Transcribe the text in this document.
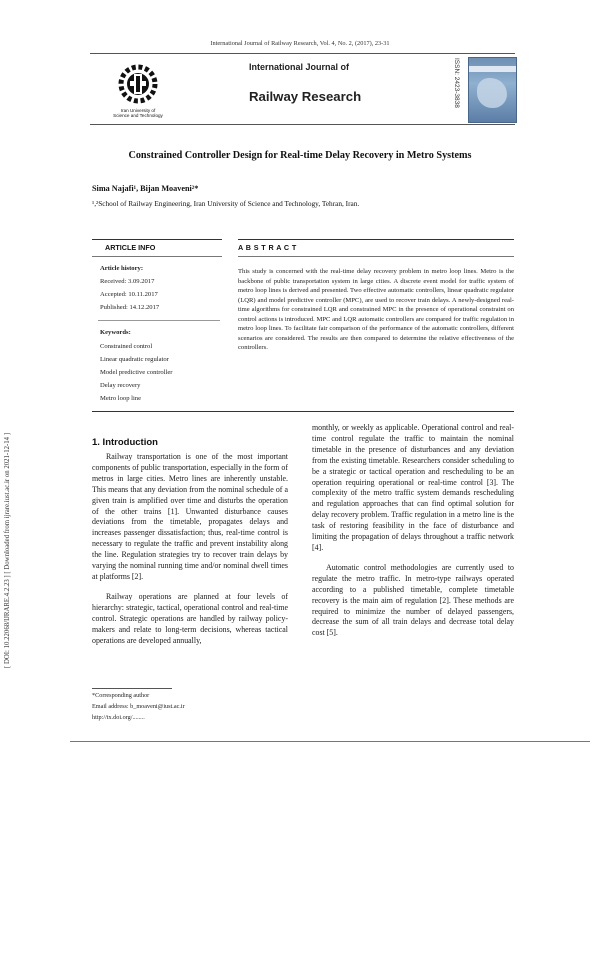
International Journal of Railway Research, Vol. 4, No. 2, (2017), 23-31
Iran University of
Science and Technology
International Journal of
Railway Research	ISSN: 2423-3838
Constrained Controller Design for Real-time Delay Recovery in Metro Systems
Sima Najafi¹, Bijan Moaveni²*
¹,²School of Railway Engineering, Iran University of Science and Technology, Tehran, Iran.
ARTICLE INFO	A B S T R A C T
Article history:
Received: 3.09.2017
Accepted: 10.11.2017
Published: 14.12.2017
Keywords:
Constrained control
Linear quadratic regulator
Model predictive controller
Delay recovery
Metro loop line
This study is concerned with the real-time delay recovery problem in metro loop lines. Metro is the backbone of public transportation system in large cities. A discrete event model for traffic system of metro loop lines is derived and presented. Two effective automatic controllers, linear quadratic regulator (LQR) and model predictive controller (MPC), are used to recover train delays. A newly-designed real-time algorithms for constrained LQR and constrained MPC in the presence of operational constraint on control actions is introduced. MPC and LQR automatic controllers are compared for traffic regulation in metro loop lines. To facilitate fair comparison of the performance of the automatic controllers, different scenarios are considered. The results are then compared to determine the relative effectiveness of the controllers.
1. Introduction

Railway transportation is one of the most important components of public transportation, especially in the form of metros in large cities. Metro lines are inherently unstable. This means that any deviation from the nominal schedule of a given train is amplified over time and disturbs the operation of the other trains [1]. Unwanted disturbance causes deviations from the timetable, propagates delays and increases passenger dissatisfaction; thus, real-time control is necessary to regulate the traffic and prevent instability along the line. Regulation strategies try to recover train delays by varying the nominal running time and/or nominal dwell times at platforms [2].

Railway operations are planned at four levels of hierarchy: strategic, tactical, operational control and real-time control. Strategic operations are handled by railway policy-makers and relate to long-term decisions, whereas tactical operations are developed annually,

monthly, or weekly as applicable. Operational control and real-time control regulate the traffic to maintain the nominal timetable in the presence of disturbances and any deviation from the existing timetable. Researchers consider scheduling to be a strategic or tactical operation and rescheduling to be an operation requiring operational or real-time control [3]. The complexity of the metro traffic system demands rescheduling and regulation approaches that can find optimal solution for delay recovery problem. Traffic regulation in a metro line is the task of restoring feasibility in the face of disturbance and limiting the propagation of delays throughout a traffic network [4].

Automatic control methodologies are currently used to regulate the metro traffic. In metro-type railways operated according to a published timetable, complete timetable recovery is the main aim of regulation [2]. These methods are required to minimize the number of delayed passengers, decrease the sum of all train delays and decrease total delay cost [5].

*Corresponding author
Email address: b_moaveni@iust.ac.ir
http://tx.doi.org/........
[ DOI: 10.22068/IJRARE.4.2.23 ] [ Downloaded from ijrare.iust.ac.ir on 2021-12-14 ]
